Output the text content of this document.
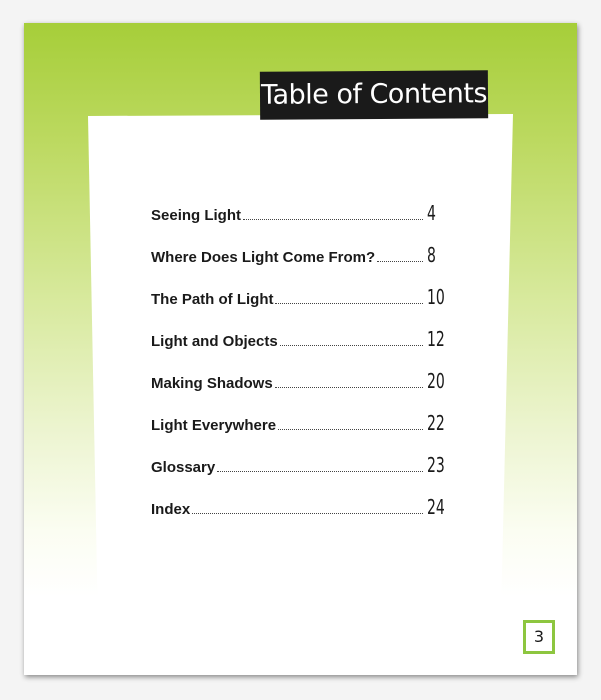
Table of Contents
Seeing Light	4
Where Does Light Come From?	8
The Path of Light	10
Light and Objects	12
Making Shadows	20
Light Everywhere	22
Glossary	23
Index	24
3
